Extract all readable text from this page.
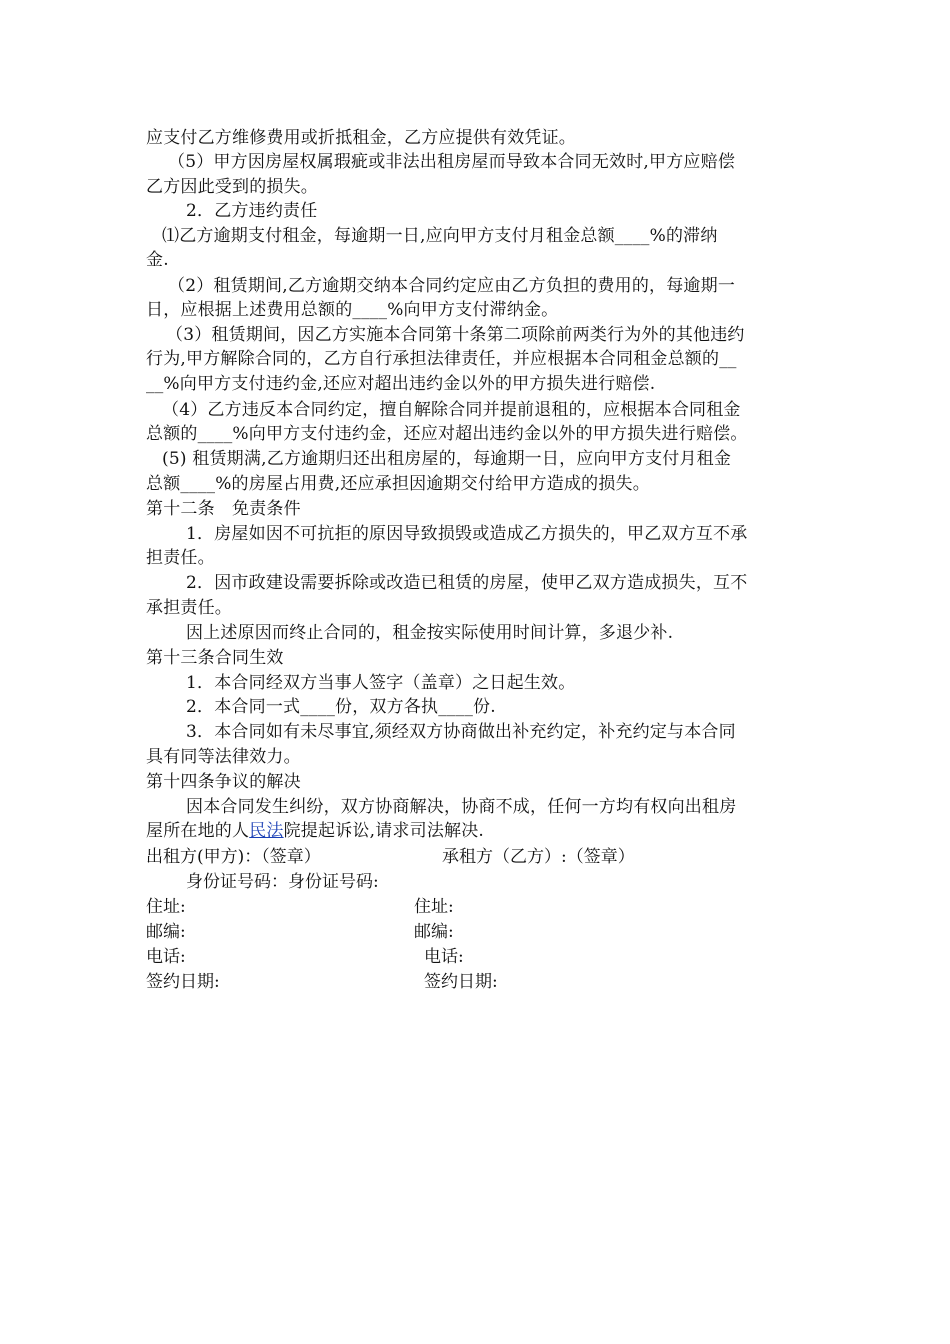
应支付乙方维修费用或折抵租金，乙方应提供有效凭证。
（5）甲方因房屋权属瑕疵或非法出租房屋而导致本合同无效时,甲方应赔偿
乙方因此受到的损失。
2．乙方违约责任
⑴乙方逾期支付租金，每逾期一日,应向甲方支付月租金总额____%的滞纳
金.
（2）租赁期间,乙方逾期交纳本合同约定应由乙方负担的费用的，每逾期一
日，应根据上述费用总额的____%向甲方支付滞纳金。
（3）租赁期间，因乙方实施本合同第十条第二项除前两类行为外的其他违约
行为,甲方解除合同的，乙方自行承担法律责任，并应根据本合同租金总额的__
__%向甲方支付违约金,还应对超出违约金以外的甲方损失进行赔偿.
（4）乙方违反本合同约定，擅自解除合同并提前退租的，应根据本合同租金
总额的____%向甲方支付违约金，还应对超出违约金以外的甲方损失进行赔偿。
(5) 租赁期满,乙方逾期归还出租房屋的，每逾期一日，应向甲方支付月租金
总额____%的房屋占用费,还应承担因逾期交付给甲方造成的损失。
第十二条　免责条件
1．房屋如因不可抗拒的原因导致损毁或造成乙方损失的，甲乙双方互不承
担责任。
2．因市政建设需要拆除或改造已租赁的房屋，使甲乙双方造成损失，互不
承担责任。
因上述原因而终止合同的，租金按实际使用时间计算，多退少补.
第十三条合同生效
1．本合同经双方当事人签字（盖章）之日起生效。
2．本合同一式____份，双方各执____份.
3．本合同如有未尽事宜,须经双方协商做出补充约定，补充约定与本合同
具有同等法律效力。
第十四条争议的解决
因本合同发生纠纷，双方协商解决，协商不成，任何一方均有权向出租房
屋所在地的人民法院提起诉讼,请求司法解决.
出租方(甲方)：（签章）	承租方（乙方）:（签章）
身份证号码：身份证号码:
住址:	住址:
邮编:	邮编:
电话:	电话:
签约日期:	签约日期:
